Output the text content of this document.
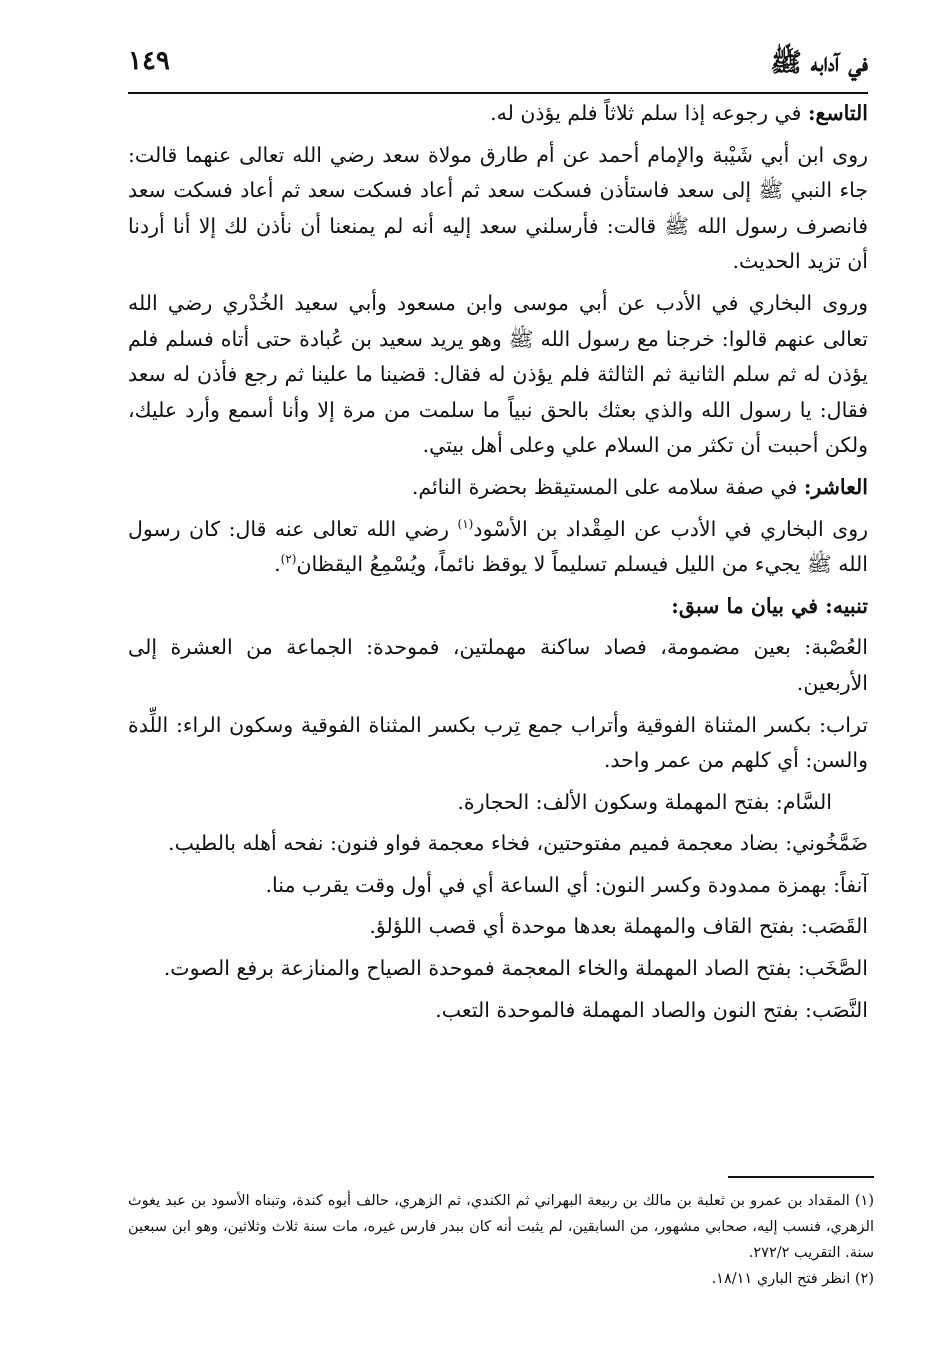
في آدابه ﷺ
١٤٩

التاسع: في رجوعه إذا سلم ثلاثاً فلم يؤذن له.

روى ابن أبي شَيْبة والإمام أحمد عن أم طارق مولاة سعد رضي الله تعالى عنهما قالت: جاء النبي ﷺ إلى سعد فاستأذن فسكت سعد ثم أعاد فسكت سعد ثم أعاد فسكت سعد فانصرف رسول الله ﷺ قالت: فأرسلني سعد إليه أنه لم يمنعنا أن نأذن لك إلا أنا أردنا أن تزيد الحديث.

وروى البخاري في الأدب عن أبي موسى وابن مسعود وأبي سعيد الخُدْري رضي الله تعالى عنهم قالوا: خرجنا مع رسول الله ﷺ وهو يريد سعيد بن عُبادة حتى أتاه فسلم فلم يؤذن له ثم سلم الثانية ثم الثالثة فلم يؤذن له فقال: قضينا ما علينا ثم رجع فأذن له سعد فقال: يا رسول الله والذي بعثك بالحق نبياً ما سلمت من مرة إلا وأنا أسمع وأرد عليك، ولكن أحببت أن تكثر من السلام علي وعلى أهل بيتي.

العاشر: في صفة سلامه على المستيقظ بحضرة النائم.

روى البخاري في الأدب عن المِقْداد بن الأسْود$^{(١)}$ رضي الله تعالى عنه قال: كان رسول الله ﷺ يجيء من الليل فيسلم تسليماً لا يوقظ نائماً، ويُسْمِعُ اليقظان$^{(٢)}$.

تنبيه: في بيان ما سبق:

العُصْبة: بعين مضمومة، فصاد ساكنة مهملتين، فموحدة: الجماعة من العشرة إلى الأربعين.

تراب: بكسر المثناة الفوقية وأتراب جمع تِرب بكسر المثناة الفوقية وسكون الراء: اللِّدة والسن: أي كلهم من عمر واحد.

السَّام: بفتح المهملة وسكون الألف: الحجارة.

ضَمَّخُوني: بضاد معجمة فميم مفتوحتين، فخاء معجمة فواو فنون: نفحه أهله بالطيب.

آنفاً: بهمزة ممدودة وكسر النون: أي الساعة أي في أول وقت يقرب منا.

القَصَب: بفتح القاف والمهملة بعدها موحدة أي قصب اللؤلؤ.

الصَّخَب: بفتح الصاد المهملة والخاء المعجمة فموحدة الصياح والمنازعة برفع الصوت.

النَّصَب: بفتح النون والصاد المهملة فالموحدة التعب.

(١) المقداد بن عمرو بن ثعلبة بن مالك بن ربيعة البهراني ثم الكندي، ثم الزهري، حالف أبوه كندة، وتبناه الأسود بن عبد يغوث الزهري، فنسب إليه، صحابي مشهور، من السابقين، لم يثبت أنه كان ببدر فارس غيره، مات سنة ثلاث وثلاثين، وهو ابن سبعين سنة. التقريب ٢٧٢/٢.

(٢) انظر فتح الباري ١٨/١١.
